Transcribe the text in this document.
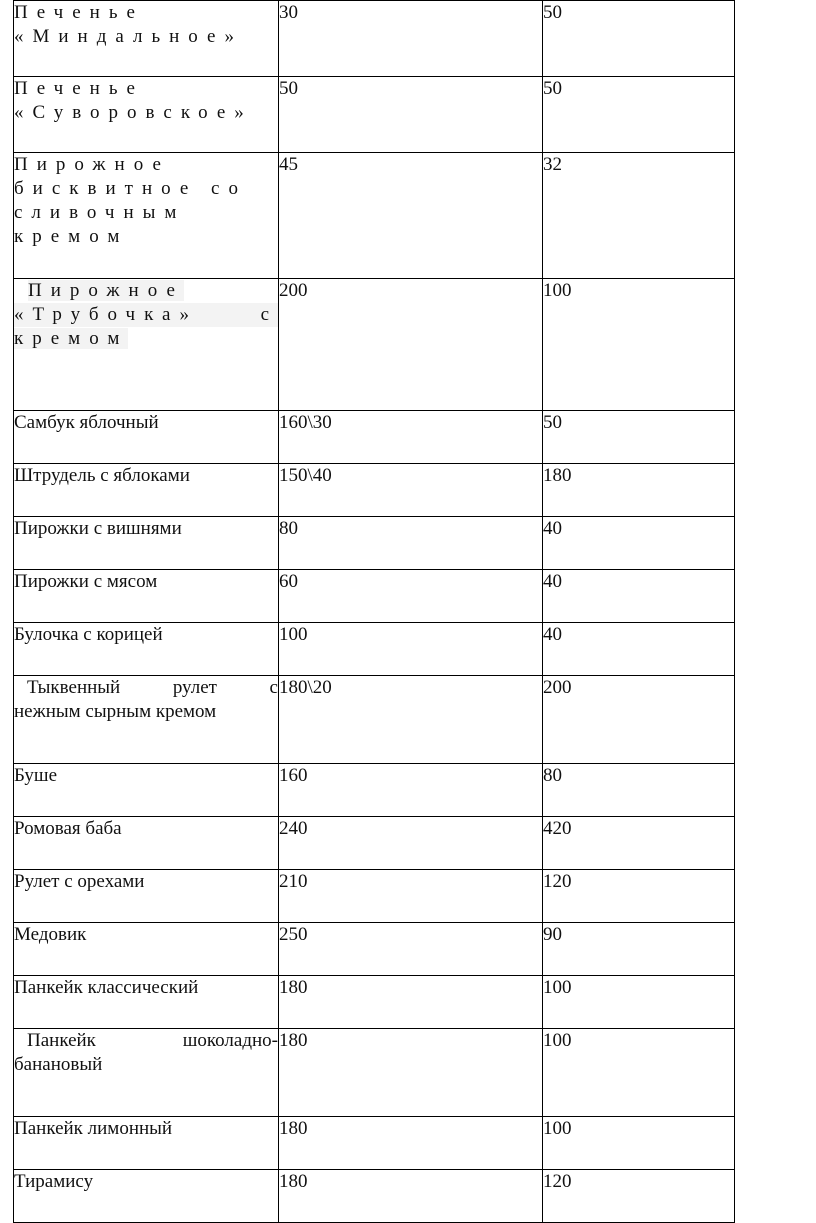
Печенье
«Миндальное»	30	50

Печенье
«Суворовское»	50	50

Пирожное
бисквитное со
сливочным
кремом	45	32

Пирожное
«Трубочка» с
кремом	200	100
Самбук яблочный	160\30	50
Штрудель с яблоками	150\40	180
Пирожки с вишнями	80	40
Пирожки с мясом	60	40
Булочка с корицей	100	40

Тыквенный рулет с
нежным сырным кремом	180\20	200
Буше	160	80
Ромовая баба	240	420
Рулет с орехами	210	120
Медовик	250	90
Панкейк классический	180	100

Панкейк шоколадно-
банановый	180	100
Панкейк лимонный	180	100
Тирамису	180	120
